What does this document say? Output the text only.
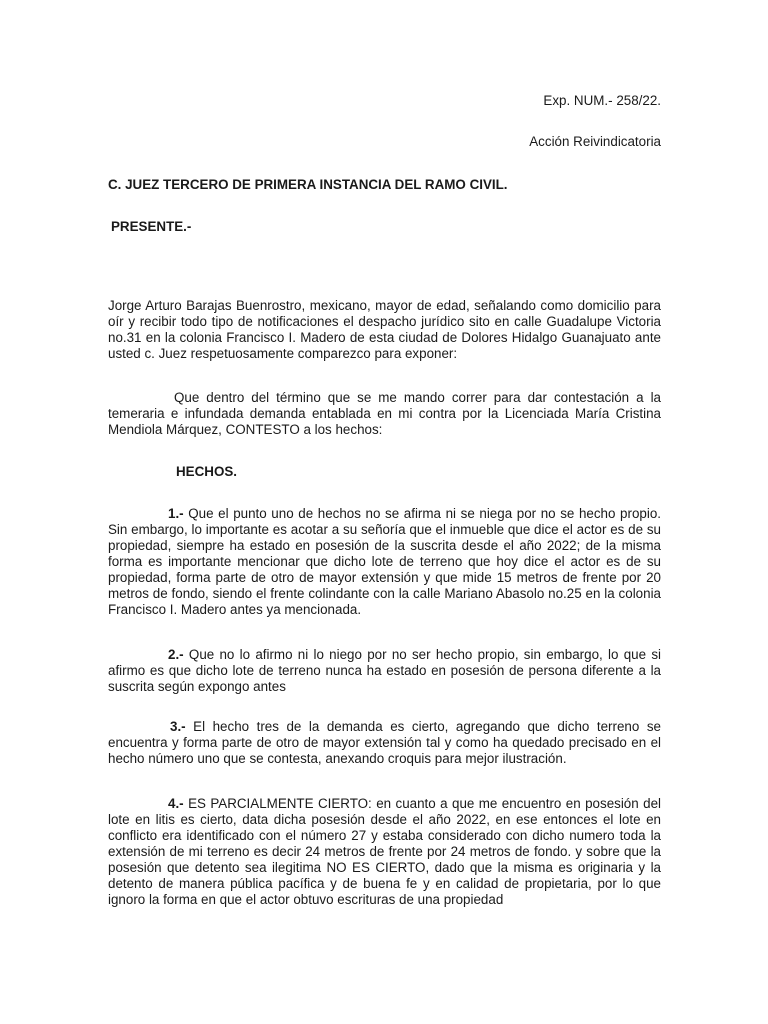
Exp. NUM.- 258/22.

Acción Reivindicatoria

C. JUEZ TERCERO DE PRIMERA INSTANCIA DEL RAMO CIVIL.

PRESENTE.-

Jorge Arturo Barajas Buenrostro, mexicano, mayor de edad, señalando como domicilio para oír y recibir todo tipo de notificaciones el despacho jurídico sito en calle Guadalupe Victoria no.31 en la colonia Francisco I. Madero de esta ciudad de Dolores Hidalgo Guanajuato ante usted c. Juez respetuosamente comparezco para exponer:

Que dentro del término que se me mando correr para dar contestación a la temeraria e infundada demanda entablada en mi contra por la Licenciada María Cristina Mendiola Márquez, CONTESTO a los hechos:

HECHOS.

1.- Que el punto uno de hechos no se afirma ni se niega por no se hecho propio. Sin embargo, lo importante es acotar a su señoría que el inmueble que dice el actor es de su propiedad, siempre ha estado en posesión de la suscrita desde el año 2022; de la misma forma es importante mencionar que dicho lote de terreno que hoy dice el actor es de su propiedad, forma parte de otro de mayor extensión y que mide 15 metros de frente por 20 metros de fondo, siendo el frente colindante con la calle Mariano Abasolo no.25 en la colonia Francisco I. Madero antes ya mencionada.

2.- Que no lo afirmo ni lo niego por no ser hecho propio, sin embargo, lo que si afirmo es que dicho lote de terreno nunca ha estado en posesión de persona diferente a la suscrita según expongo antes

3.- El hecho tres de la demanda es cierto, agregando que dicho terreno se encuentra y forma parte de otro de mayor extensión tal y como ha quedado precisado en el hecho número uno que se contesta, anexando croquis para mejor ilustración.

4.- ES PARCIALMENTE CIERTO: en cuanto a que me encuentro en posesión del lote en litis es cierto, data dicha posesión desde el año 2022, en ese entonces el lote en conflicto era identificado con el número 27 y estaba considerado con dicho numero toda la extensión de mi terreno es decir 24 metros de frente por 24 metros de fondo. y sobre que la posesión que detento sea ilegitima NO ES CIERTO, dado que la misma es originaria y la detento de manera pública pacífica y de buena fe y en calidad de propietaria, por lo que ignoro la forma en que el actor obtuvo escrituras de una propiedad
